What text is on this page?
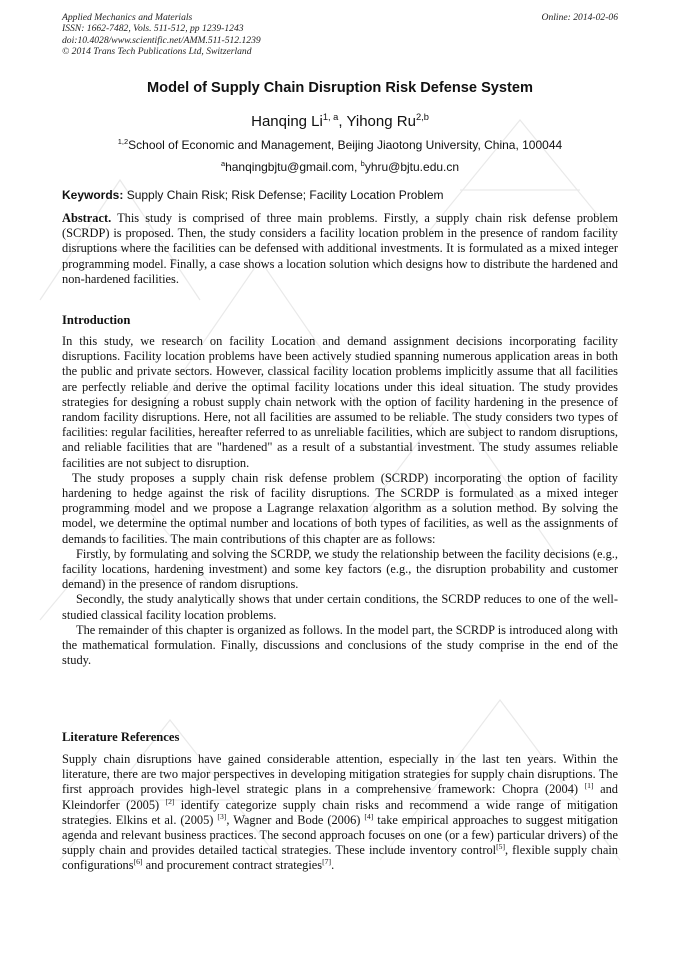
Applied Mechanics and Materials
ISSN: 1662-7482, Vols. 511-512, pp 1239-1243
doi:10.4028/www.scientific.net/AMM.511-512.1239
© 2014 Trans Tech Publications Ltd, Switzerland
Online: 2014-02-06
Model of Supply Chain Disruption Risk Defense System
Hanqing Li$^{1, a}$, Yihong Ru$^{2,b}$
$^{1,2}$School of Economic and Management, Beijing Jiaotong University, China, 100044
$^a$hanqingbjtu@gmail.com, $^b$yhru@bjtu.edu.cn
Keywords: Supply Chain Risk; Risk Defense; Facility Location Problem
Abstract. This study is comprised of three main problems. Firstly, a supply chain risk defense problem (SCRDP) is proposed. Then, the study considers a facility location problem in the presence of random facility disruptions where the facilities can be defensed with additional investments. It is formulated as a mixed integer programming model. Finally, a case shows a location solution which designs how to distribute the hardened and non-hardened facilities.
Introduction

In this study, we research on facility Location and demand assignment decisions incorporating facility disruptions. Facility location problems have been actively studied spanning numerous application areas in both the public and private sectors. However, classical facility location problems implicitly assume that all facilities are perfectly reliable and derive the optimal facility locations under this ideal situation. The study provides strategies for designing a robust supply chain network with the option of facility hardening in the presence of random facility disruptions. Here, not all facilities are assumed to be reliable. The study considers two types of facilities: regular facilities, hereafter referred to as unreliable facilities, which are subject to random disruptions, and reliable facilities that are "hardened" as a result of a substantial investment. The study assumes reliable facilities are not subject to disruption.

The study proposes a supply chain risk defense problem (SCRDP) incorporating the option of facility hardening to hedge against the risk of facility disruptions. The SCRDP is formulated as a mixed integer programming model and we propose a Lagrange relaxation algorithm as a solution method. By solving the model, we determine the optimal number and locations of both types of facilities, as well as the assignments of demands to facilities. The main contributions of this chapter are as follows:

Firstly, by formulating and solving the SCRDP, we study the relationship between the facility decisions (e.g., facility locations, hardening investment) and some key factors (e.g., the disruption probability and customer demand) in the presence of random disruptions.

Secondly, the study analytically shows that under certain conditions, the SCRDP reduces to one of the well-studied classical facility location problems.

The remainder of this chapter is organized as follows. In the model part, the SCRDP is introduced along with the mathematical formulation. Finally, discussions and conclusions of the study comprise in the end of the study.

Literature References
Supply chain disruptions have gained considerable attention, especially in the last ten years. Within the literature, there are two major perspectives in developing mitigation strategies for supply chain disruptions. The first approach provides high-level strategic plans in a comprehensive framework: Chopra (2004) [1] and Kleindorfer (2005) [2] identify categorize supply chain risks and recommend a wide range of mitigation strategies. Elkins et al. (2005) [3], Wagner and Bode (2006) [4] take empirical approaches to suggest mitigation agenda and relevant business practices. The second approach focuses on one (or a few) particular drivers) of the supply chain and provides detailed tactical strategies. These include inventory control[5], flexible supply chain configurations[6] and procurement contract strategies[7].
